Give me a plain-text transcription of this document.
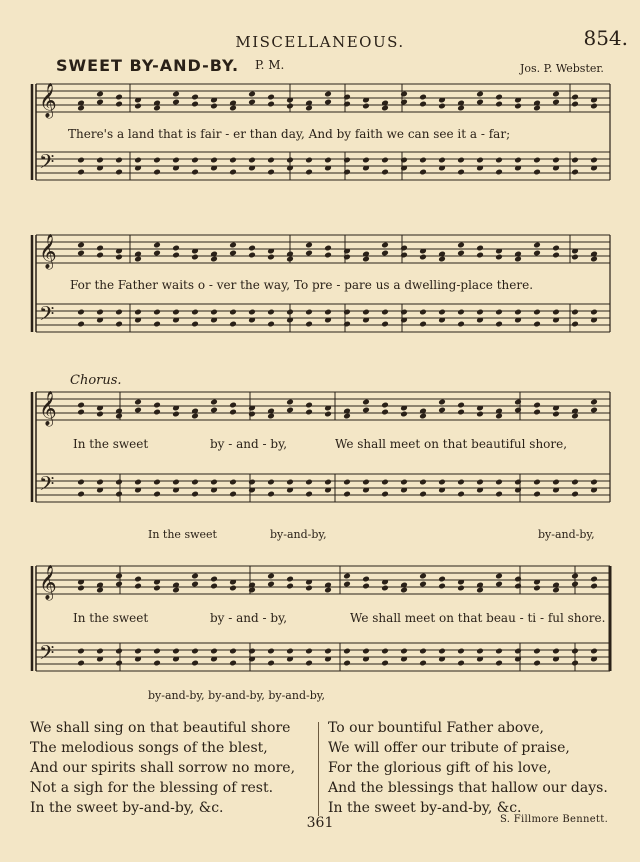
MISCELLANEOUS.	854.
SWEET BY-AND-BY. P. M.	Jos. P. Webster.
Chorus.
𝄞
𝄢
𝄞
𝄢
𝄞
𝄢
𝄞
𝄢
There's a land that is fair - er than day, And by faith we can see it a - far;
For the Father waits o - ver the way, To pre - pare us a dwelling-place there.
In the sweet	by - and - by,	We shall meet on that beautiful shore,
In the sweet	by-and-by,	by-and-by,
In the sweet	by - and - by,	We shall meet on that beau - ti - ful shore.
by-and-by, by-and-by, by-and-by,
We shall sing on that beautiful shore
The melodious songs of the blest,
And our spirits shall sorrow no more,
Not a sigh for the blessing of rest.
In the sweet by-and-by, &c.
To our bountiful Father above,
We will offer our tribute of praise,
For the glorious gift of his love,
And the blessings that hallow our days.
In the sweet by-and-by, &c.
361	S. Fillmore Bennett.
